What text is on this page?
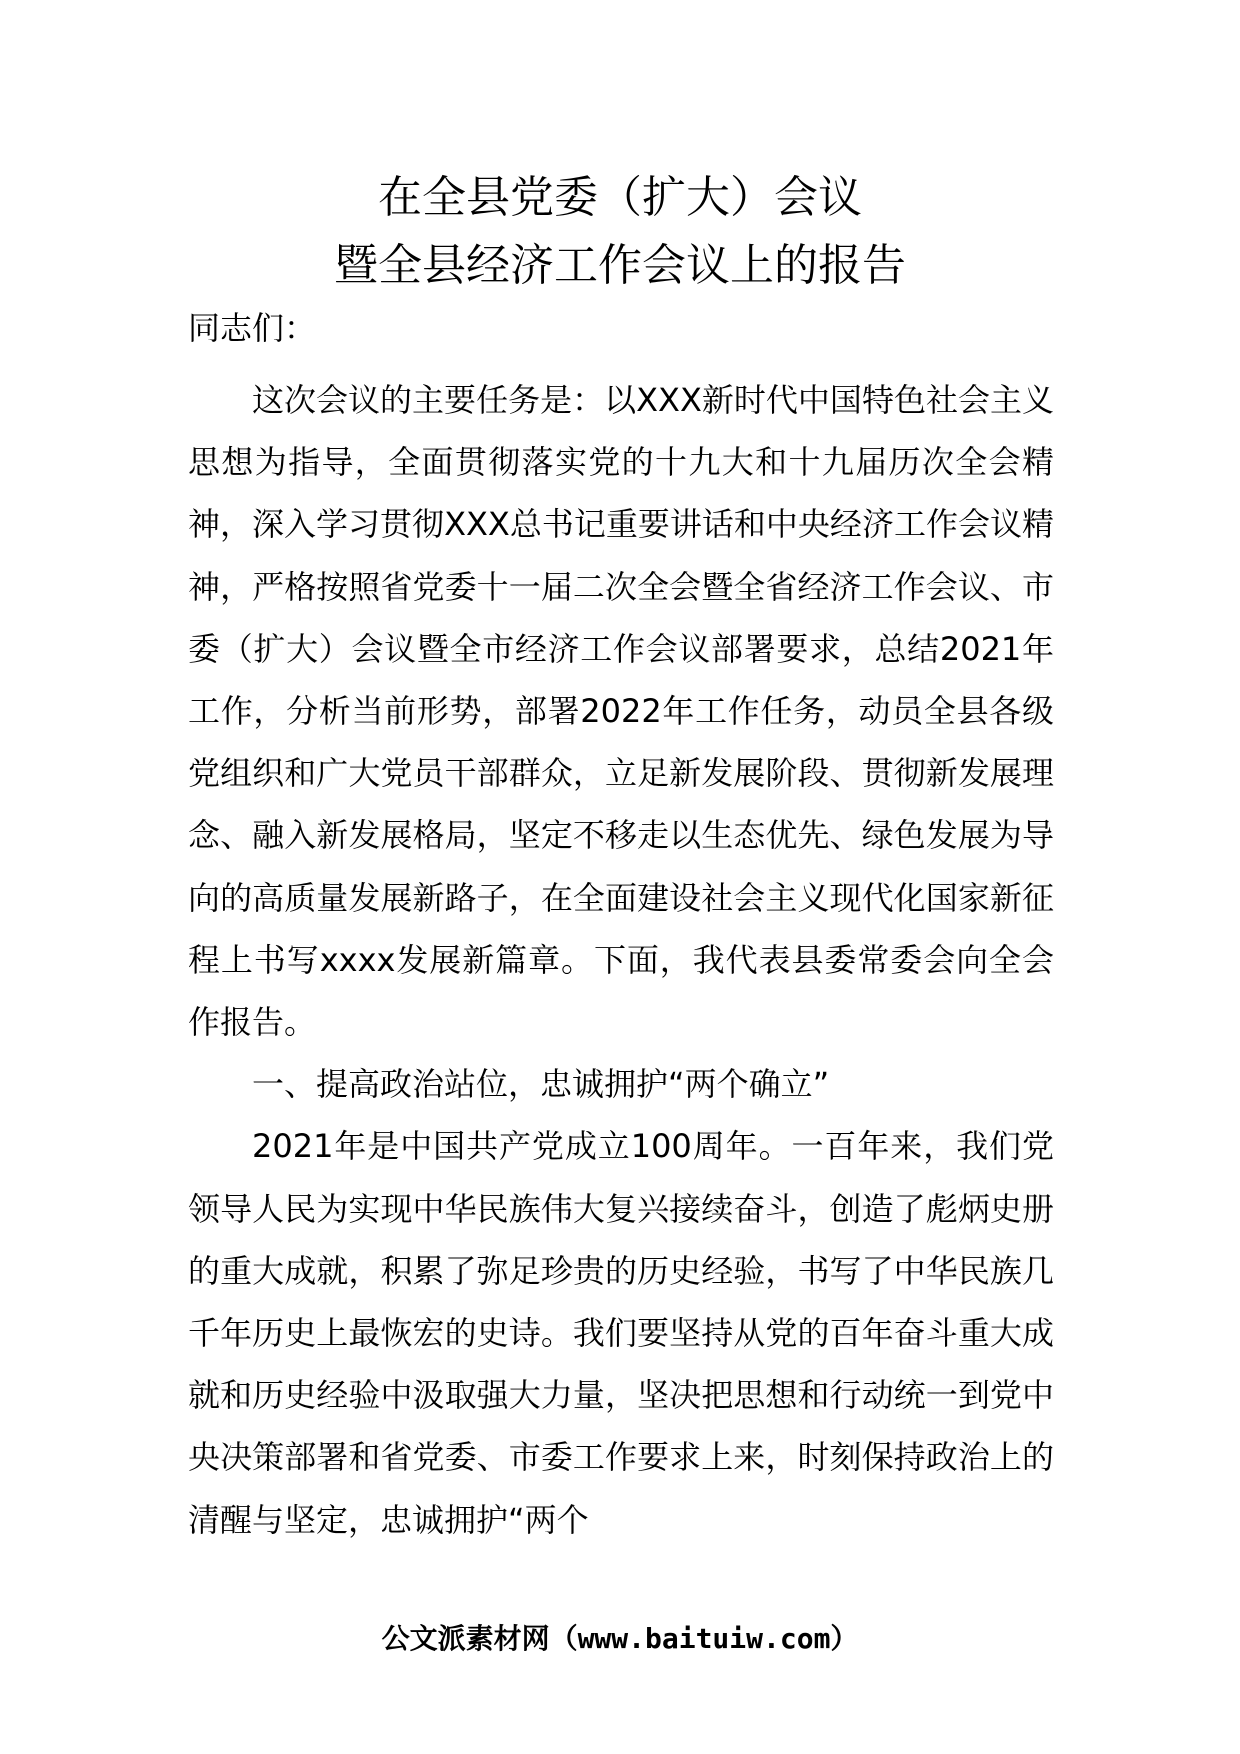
在全县党委（扩大）会议
暨全县经济工作会议上的报告
同志们：

这次会议的主要任务是：以XXX新时代中国特色社会主义思想为指导，全面贯彻落实党的十九大和十九届历次全会精神，深入学习贯彻XXX总书记重要讲话和中央经济工作会议精神，严格按照省党委十一届二次全会暨全省经济工作会议、市委（扩大）会议暨全市经济工作会议部署要求，总结2021年工作，分析当前形势，部署2022年工作任务，动员全县各级党组织和广大党员干部群众，立足新发展阶段、贯彻新发展理念、融入新发展格局，坚定不移走以生态优先、绿色发展为导向的高质量发展新路子，在全面建设社会主义现代化国家新征程上书写xxxx发展新篇章。下面，我代表县委常委会向全会作报告。

一、提高政治站位，忠诚拥护“两个确立”

2021年是中国共产党成立100周年。一百年来，我们党领导人民为实现中华民族伟大复兴接续奋斗，创造了彪炳史册的重大成就，积累了弥足珍贵的历史经验，书写了中华民族几千年历史上最恢宏的史诗。我们要坚持从党的百年奋斗重大成就和历史经验中汲取强大力量，坚决把思想和行动统一到党中央决策部署和省党委、市委工作要求上来，时刻保持政治上的清醒与坚定，忠诚拥护“两个

公文派素材网（www.baituiw.com）
